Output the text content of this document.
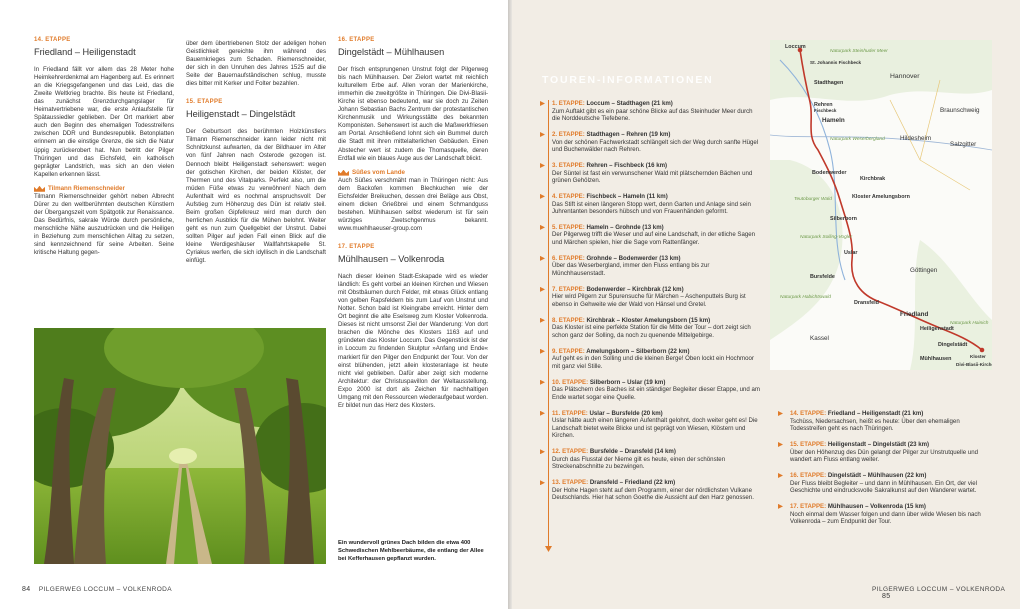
14. ETAPPE
Friedland – Heiligenstadt

In Friedland fällt vor allem das 28 Meter hohe Heimkehrerdenkmal am Hagenberg auf. Es erinnert an die Kriegsgefangenen und das Leid, das die Zweite Weltkrieg brachte. Bis heute ist Friedland, das zunächst Grenzdurchgangslager für Heimatvertriebene war, die erste Anlaufstelle für Spätaussiedler geblieben. Der Ort markiert aber auch den Beginn des ehemaligen Todesstreifens zwischen DDR und Bundesrepublik. Betonplatten erinnern an die einstige Grenze, die sich die Natur üppig zurückerobert hat. Nun betritt der Pilger Thüringen und das Eichsfeld, ein katholisch geprägter Landstrich, was sich an den vielen Kapellen erkennen lässt.

Tilmann Riemenschneider

Tilmann Riemenschneider gehört neben Albrecht Dürer zu den weltberühmten deutschen Künstlern der Übergangszeit vom Spätgotik zur Renaissance. Das Bedürfnis, sakrale Würde durch persönliche, menschliche Nähe auszudrücken und die Heiligen in Beziehung zum menschlichen Alltag zu setzen, sind kennzeichnend für seine Arbeiten. Seine kritische Haltung gegen-

über dem übertriebenen Stolz der adeligen hohen Geistlichkeit gereichte ihm während des Bauernkrieges zum Schaden. Riemenschneider, der sich in den Unruhen des Jahres 1525 auf die Seite der Bauernaufständischen schlug, musste dies bitter mit Kerker und Folter bezahlen.

15. ETAPPE
Heiligenstadt – Dingelstädt

Der Geburtsort des berühmten Holzkünstlers Tilmann Riemenschneider kann leider nicht mit Schnitzkunst aufwarten, da der Bildhauer im Alter von fünf Jahren nach Osterode gezogen ist. Dennoch bleibt Heiligenstadt sehenswert: wegen der gotischen Kirchen, der beiden Klöster, der Thermen und des Vitalparks. Perfekt also, um die müden Füße etwas zu verwöhnen! Nach dem Aufenthalt wird es nochmal anspruchsvoll: Der Aufstieg zum Höhenzug des Dün ist relativ steil. Beim großen Gipfelkreuz wird man durch den herrlichen Ausblick für die Mühen belohnt. Weiter geht es nun zum Quellgebiet der Unstrut. Dabei sollten Pilger auf jeden Fall einen Blick auf die kleine Werdigeshäuser Wallfahrtskapelle St. Cyriakus werfen, die sich idyllisch in die Landschaft einfügt.

16. ETAPPE
Dingelstädt – Mühlhausen

Der frisch entsprungenen Unstrut folgt der Pilgerweg bis nach Mühlhausen. Der Zielort wartet mit reichlich kulturellem Erbe auf. Allen voran der Marienkirche, immerhin die zweitgrößte in Thüringen. Die Divi-Blasii-Kirche ist ebenso bedeutend, war sie doch zu Zeiten Johann Sebastian Bachs Zentrum der protestantischen Kirchenmusik und Wirkungsstätte des bekannten Komponisten. Sehenswert ist auch die Maßwerkfriesen am Portal. Anschließend lohnt sich ein Bummel durch die Stadt mit ihren mittelalterlichen Gebäuden. Einen Abstecher wert ist zudem die Thomasquelle, deren Erdfall wie ein blaues Auge aus der Landschaft blickt.

Süßes vom Lande

Auch Süßes verschmäht man in Thüringen nicht: Aus dem Backofen kommen Blechkuchen wie der Eichsfelder Breikuchen, dessen drei Beläge aus Obst, einem dicken Grießbrei und einem Schmandguss bestehen. Mühlhausen selbst wiederum ist für sein würziges Zwetschgenmus bekannt. www.muehlhaeuser-group.com

17. ETAPPE
Mühlhausen – Volkenroda

Nach dieser kleinen Stadt-Eskapade wird es wieder ländlich: Es geht vorbei an kleinen Kirchen und Wiesen mit Obstbäumen durch Felder, mit etwas Glück entlang von gelben Rapsfeldern bis zum Lauf von Unstrut und Notter. Schon bald ist Kleingrabe erreicht. Hinter dem Ort beginnt die alte Eselsweg zum Kloster Volkenroda. Dieses ist nicht umsonst Ziel der Wanderung: Von dort brachen die Mönche des Klosters 1163 auf und gründeten das Kloster Loccum. Das Gegenstück ist der in Loccum zu findenden Skulptur »Anfang und Ende« markiert für den Pilger den Endpunkt der Tour. Von der einst blühenden, jetzt allein klosteranlage ist heute nicht viel geblieben. Dafür aber zeigt sich moderne Architektur: der Christuspavillon der Weltausstellung. Expo 2000 ist dort als Zeichen für nachhaltigen Umgang mit den Ressourcen wiederaufgebaut worden. Er bildet nun das Herz des Klosters.

Ein wundervoll grünes Dach bilden die etwa 400 Schwedischen Mehlbeerbäume, die entlang der Allee bei Kefferhausen gepflanzt wurden.
84 PILGERWEG LOCCUM – VOLKENRODA
TOUREN-INFORMATIONEN
1. ETAPPE: Loccum – Stadthagen (21 km)
Zum Auftakt gibt es ein paar schöne Blicke auf das Steinhuder Meer durch die Norddeutsche Tiefebene.
2. ETAPPE: Stadthagen – Rehren (19 km)
Von der schönen Fachwerkstadt schlängelt sich der Weg durch sanfte Hügel und Buchenwälder nach Rehren.
3. ETAPPE: Rehren – Fischbeck (16 km)
Der Süntel ist fast ein verwunschener Wald mit plätschernden Bächen und grünen Gehölzen.
4. ETAPPE: Fischbeck – Hameln (11 km)
Das Stift ist einen längeren Stopp wert, denn Garten und Anlage sind sein Juhrentanten besonders hübsch und von Frauenhänden geformt.
5. ETAPPE: Hameln – Grohnde (13 km)
Der Pilgerweg trifft die Weser und auf eine Landschaft, in der etliche Sagen und Märchen spielen, hier die Sage vom Rattenfänger.
6. ETAPPE: Grohnde – Bodenwerder (13 km)
Über das Weserbergland, immer den Fluss entlang bis zur Münchhausenstadt.
7. ETAPPE: Bodenwerder – Kirchbrak (12 km)
Hier wird Pilgern zur Spurensuche für Märchen – Aschenputtels Burg ist ebenso in Gehweite wie der Wald von Hänsel und Gretel.
8. ETAPPE: Kirchbrak – Kloster Amelungsborn (15 km)
Das Kloster ist eine perfekte Station für die Mitte der Tour – dort zeigt sich schon ganz der Solling, da noch zu quenende Mittelgebirge.
9. ETAPPE: Amelungsborn – Silberborn (22 km)
Auf geht es in den Solling und die kleinen Berge! Oben lockt ein Hochmoor mit ganz viel Stille.
10. ETAPPE: Silberborn – Uslar (19 km)
Das Plätschern des Baches ist ein ständiger Begleiter dieser Etappe, und am Ende wartet sogar eine Quelle.
11. ETAPPE: Uslar – Bursfelde (20 km)
Uslar hätte auch einen längeren Aufenthalt gelohnt, doch weiter geht es! Die Landschaft bietet weite Blicke und ist geprägt von Wiesen, Klöstern und Kirchen.
12. ETAPPE: Bursfelde – Dransfeld (14 km)
Durch das Flusstal der Nieme gilt es heute, einen der schönsten Streckenabschnitte zu bezwingen.
13. ETAPPE: Dransfeld – Friedland (22 km)
Der Hohe Hagen steht auf dem Programm, einer der nördlichsten Vulkane Deutschlands. Hier hat schon Goethe die Aussicht auf den Harz genossen.
Loccum
Stadthagen
Hannover
Rehren
Hameln
Braunschweig
Hildesheim
Salzgitter
Bodenwerder
Kirchbrak
Kloster Amelungsborn
Silberborn
Uslar
Bursfelde
Göttingen
Dransfeld
Friedland
Kassel
Heiligenstadt
Dingelstädt
Kloster
Mühlhausen
Divi-Blasii-Kirche
Fischbeck
St. Johannis Fischbeck
Naturpark Steinhuder Meer
Naturpark Weserbergland
Teutoburger Wald
Naturpark Solling-Vogler
Naturpark Habichtswald
Naturpark Hainich
14. ETAPPE: Friedland – Heiligenstadt (21 km)
Tschüss, Niedersachsen, heißt es heute: Über den ehemaligen Todesstreifen geht es nach Thüringen.
15. ETAPPE: Heiligenstadt – Dingelstädt (23 km)
Über den Höhenzug des Dün gelangt der Pilger zur Unstrutquelle und wandert am Fluss entlang weiter.
16. ETAPPE: Dingelstädt – Mühlhausen (22 km)
Der Fluss bleibt Begleiter – und dann in Mühlhausen. Ein Ort, der viel Geschichte und eindrucksvolle Sakralkunst auf den Wanderer wartet.
17. ETAPPE: Mühlhausen – Volkenroda (15 km)
Noch einmal dem Wasser folgen und dann über wilde Wiesen bis nach Volkenroda – zum Endpunkt der Tour.
PILGERWEG LOCCUM – VOLKENRODA 85
